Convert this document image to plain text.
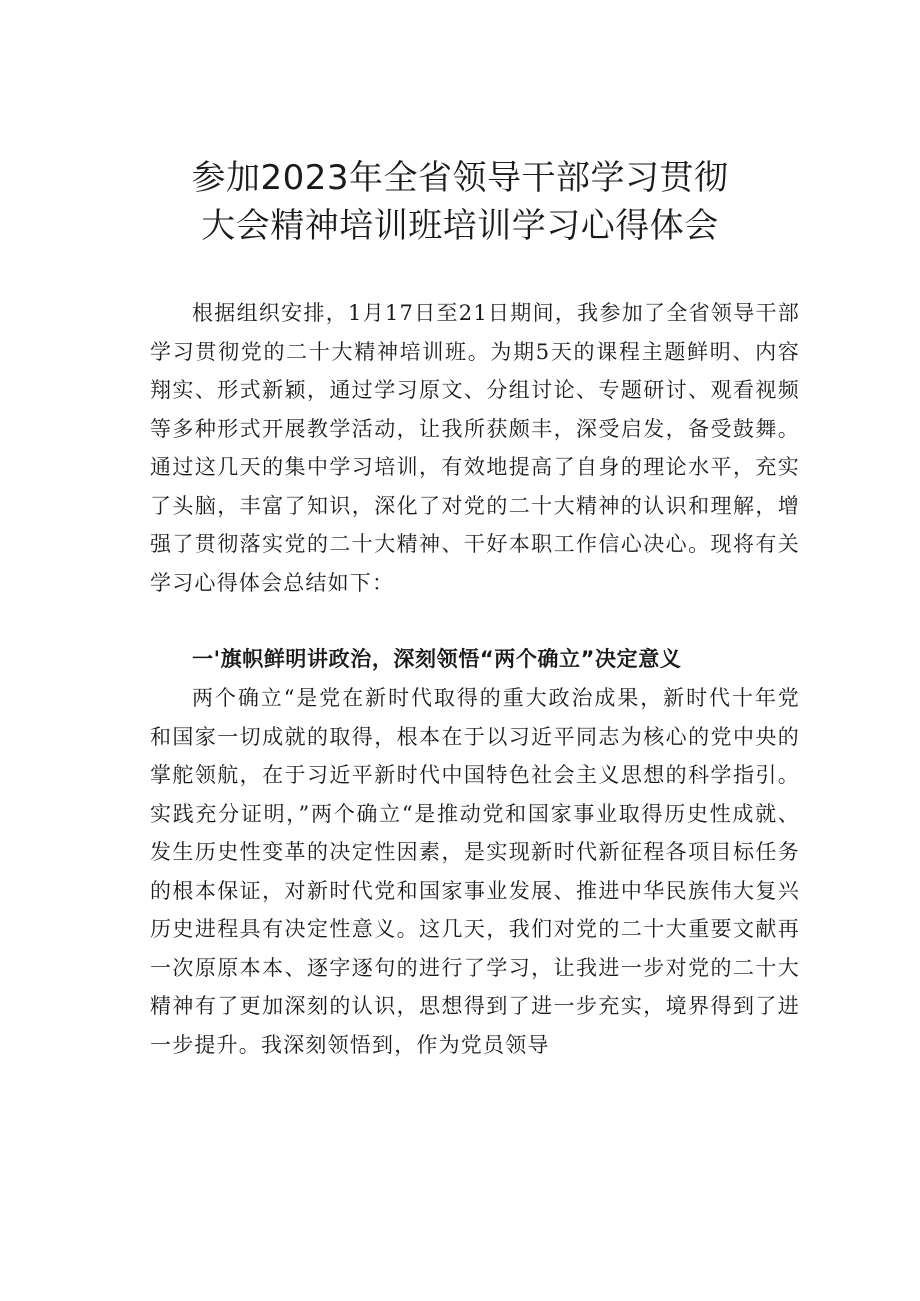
参加2023年全省领导干部学习贯彻
大会精神培训班培训学习心得体会

根据组织安排，1月17日至21日期间，我参加了全省领导干部学习贯彻党的二十大精神培训班。为期5天的课程主题鲜明、内容翔实、形式新颖，通过学习原文、分组讨论、专题研讨、观看视频等多种形式开展教学活动，让我所获颇丰，深受启发，备受鼓舞。通过这几天的集中学习培训，有效地提高了自身的理论水平，充实了头脑，丰富了知识，深化了对党的二十大精神的认识和理解，增强了贯彻落实党的二十大精神、干好本职工作信心决心。现将有关学习心得体会总结如下：

一'旗帜鲜明讲政治，深刻领悟“两个确立”决定意义

两个确立“是党在新时代取得的重大政治成果，新时代十年党和国家一切成就的取得，根本在于以习近平同志为核心的党中央的掌舵领航，在于习近平新时代中国特色社会主义思想的科学指引。实践充分证明，”两个确立“是推动党和国家事业取得历史性成就、发生历史性变革的决定性因素，是实现新时代新征程各项目标任务的根本保证，对新时代党和国家事业发展、推进中华民族伟大复兴历史进程具有决定性意义。这几天，我们对党的二十大重要文献再一次原原本本、逐字逐句的进行了学习，让我进一步对党的二十大精神有了更加深刻的认识，思想得到了进一步充实，境界得到了进一步提升。我深刻领悟到，作为党员领导
